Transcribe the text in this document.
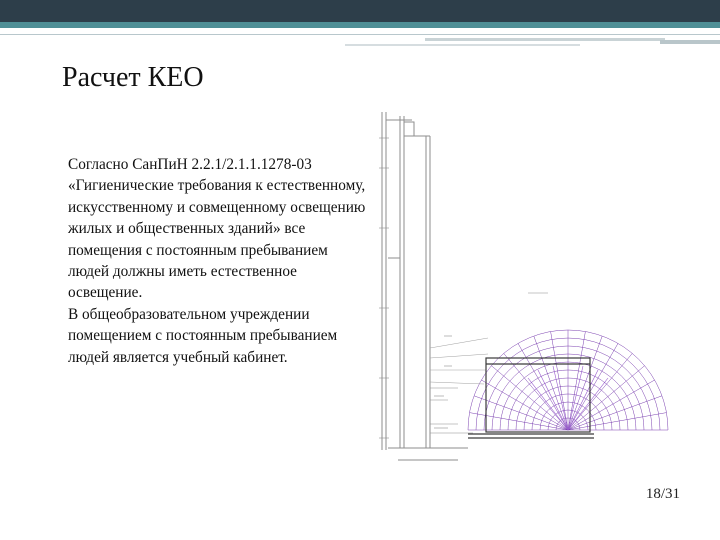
Расчет КЕО

Согласно СанПиН 2.2.1/2.1.1.1278-03 «Гигиенические требования к естественному, искусственному и совмещенному освещению жилых и общественных зданий» все помещения с постоянным пребыванием людей должны иметь естественное освещение.

В общеобразовательном учреждении помещением с постоянным пребыванием людей является учебный кабинет.

18/31
